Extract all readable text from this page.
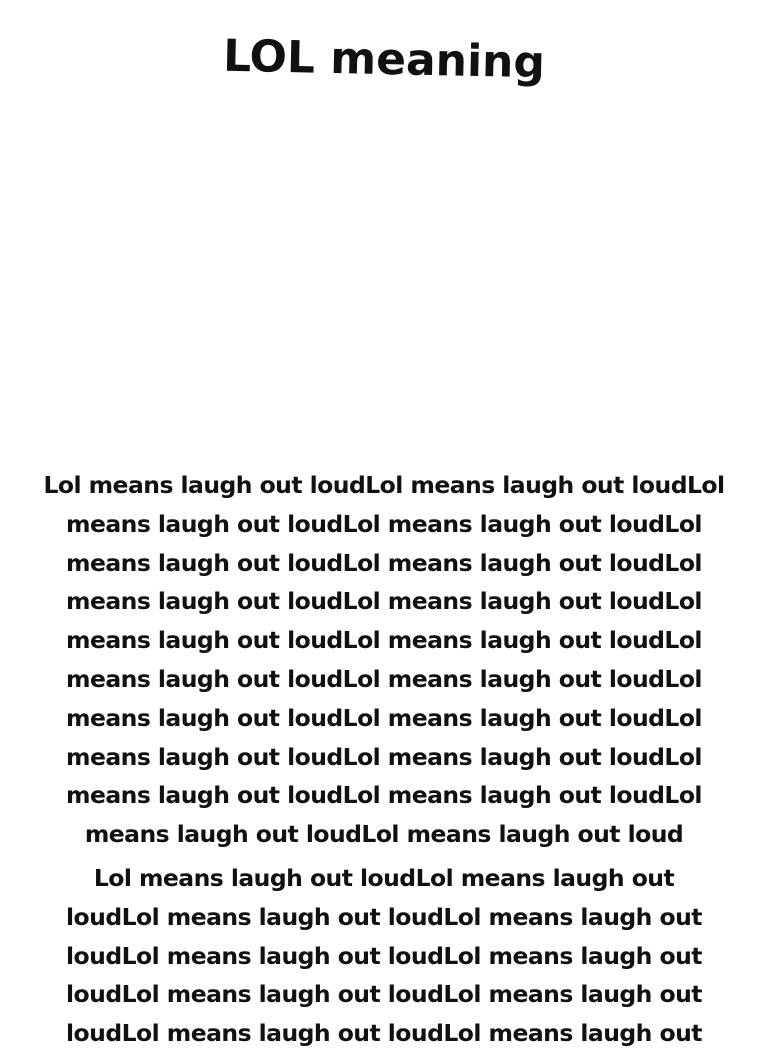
LOL meaning
Lol means laugh out loudLol means laugh out loudLol
means laugh out loudLol means laugh out loudLol
means laugh out loudLol means laugh out loudLol
means laugh out loudLol means laugh out loudLol
means laugh out loudLol means laugh out loudLol
means laugh out loudLol means laugh out loudLol
means laugh out loudLol means laugh out loudLol
means laugh out loudLol means laugh out loudLol
means laugh out loudLol means laugh out loudLol
means laugh out loudLol means laugh out loud
Lol means laugh out loudLol means laugh out
loudLol means laugh out loudLol means laugh out
loudLol means laugh out loudLol means laugh out
loudLol means laugh out loudLol means laugh out
loudLol means laugh out loudLol means laugh out
